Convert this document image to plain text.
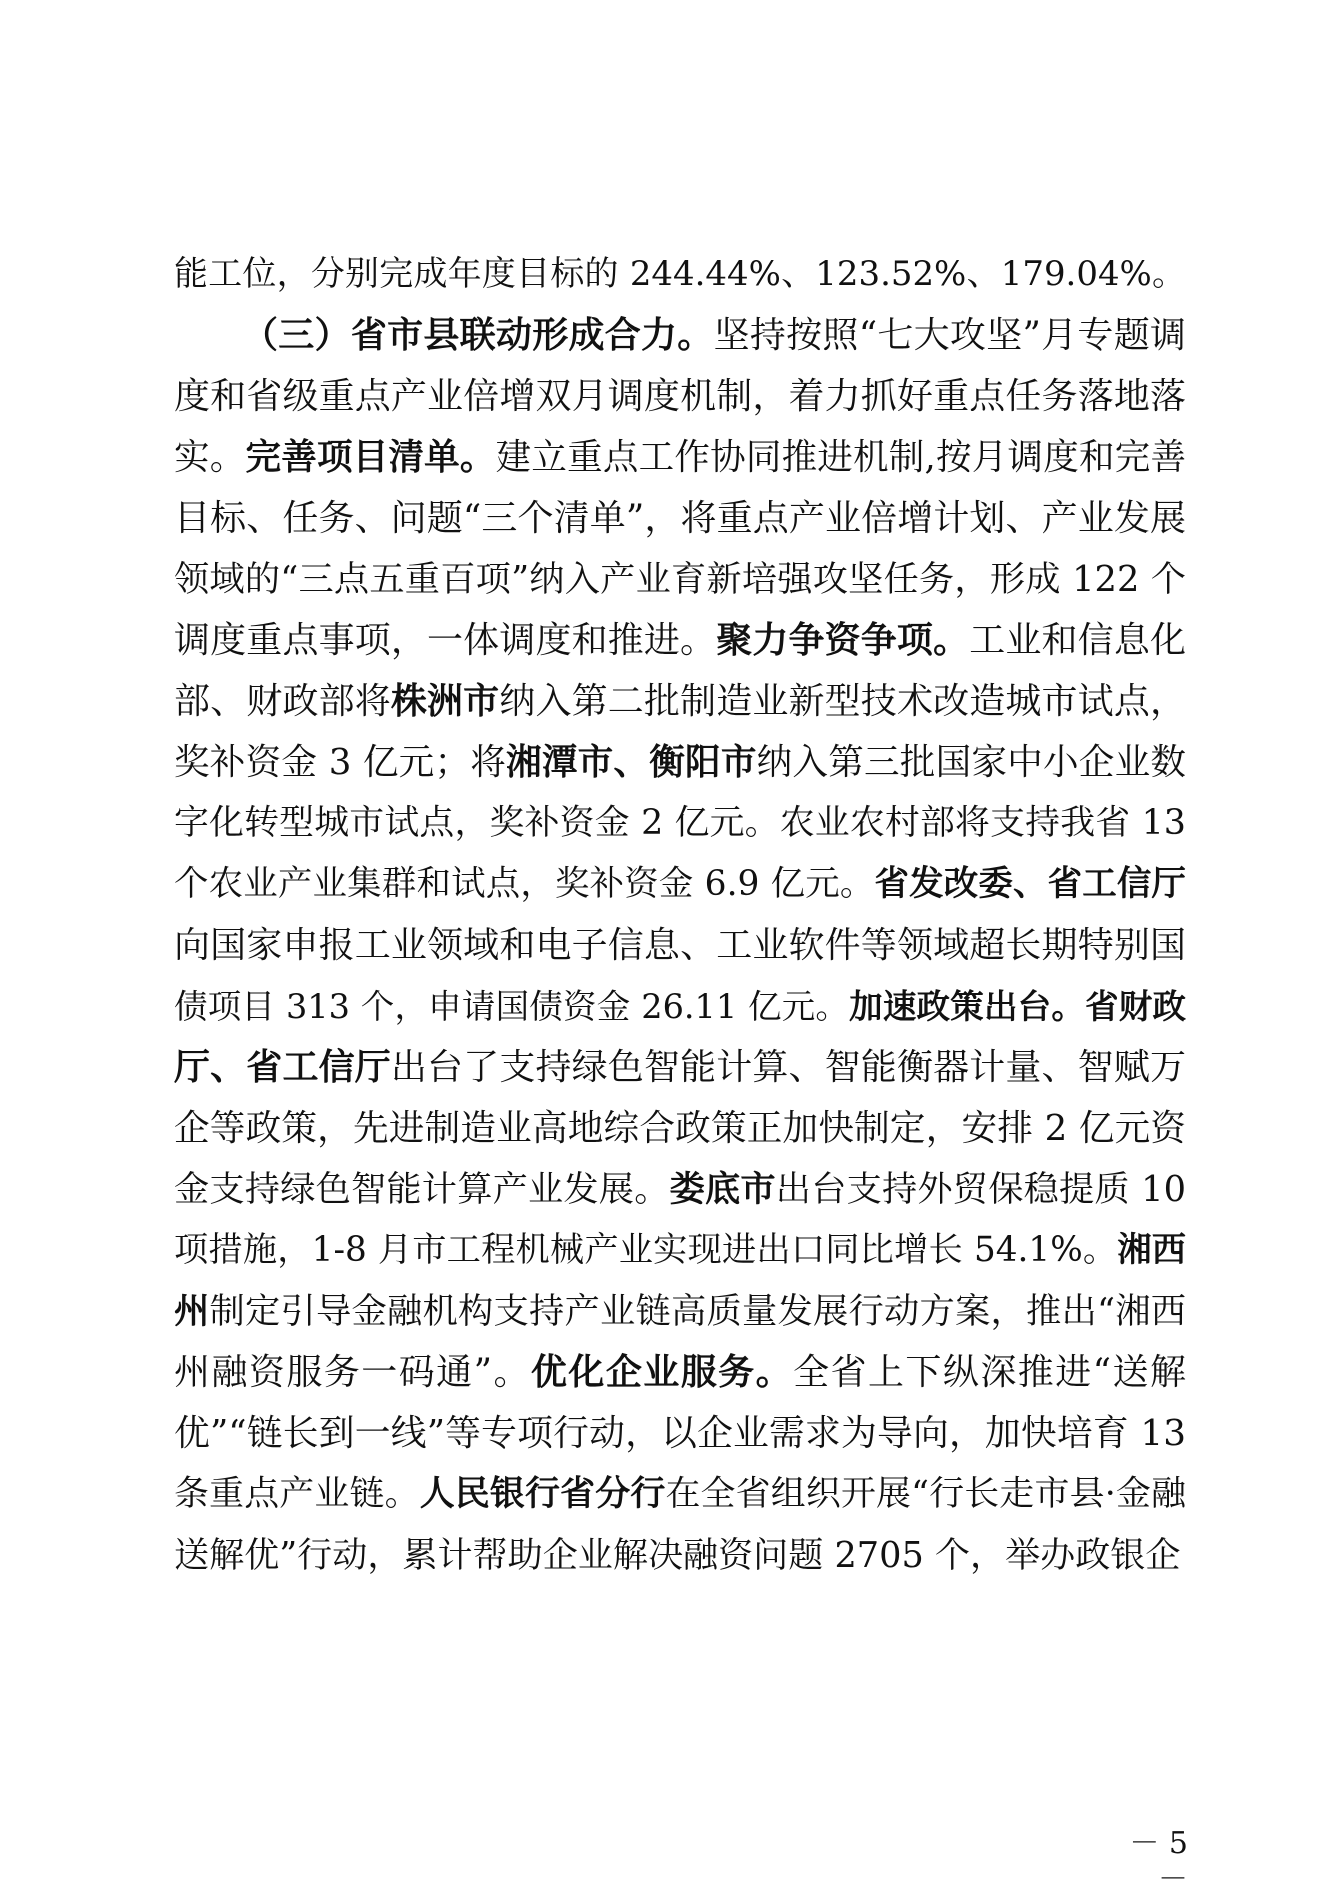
能工位，分别完成年度目标的 244.44%、123.52%、179.04%。
（三）省市县联动形成合力。坚持按照“七大攻坚”月专题调
度和省级重点产业倍增双月调度机制，着力抓好重点任务落地落
实。完善项目清单。建立重点工作协同推进机制,按月调度和完善
目标、任务、问题“三个清单”，将重点产业倍增计划、产业发展
领域的“三点五重百项”纳入产业育新培强攻坚任务，形成 122 个
调度重点事项，一体调度和推进。聚力争资争项。工业和信息化
部、财政部将株洲市纳入第二批制造业新型技术改造城市试点，
奖补资金 3 亿元；将湘潭市、衡阳市纳入第三批国家中小企业数
字化转型城市试点，奖补资金 2 亿元。农业农村部将支持我省 13
个农业产业集群和试点，奖补资金 6.9 亿元。省发改委、省工信厅
向国家申报工业领域和电子信息、工业软件等领域超长期特别国
债项目 313 个，申请国债资金 26.11 亿元。加速政策出台。省财政
厅、省工信厅出台了支持绿色智能计算、智能衡器计量、智赋万
企等政策，先进制造业高地综合政策正加快制定，安排 2 亿元资
金支持绿色智能计算产业发展。娄底市出台支持外贸保稳提质 10
项措施，1-8 月市工程机械产业实现进出口同比增长 54.1%。湘西
州制定引导金融机构支持产业链高质量发展行动方案，推出“湘西
州融资服务一码通”。优化企业服务。全省上下纵深推进“送解
优”“链长到一线”等专项行动，以企业需求为导向，加快培育 13
条重点产业链。人民银行省分行在全省组织开展“行长走市县·金融
送解优”行动，累计帮助企业解决融资问题 2705 个，举办政银企
－ 5 －
